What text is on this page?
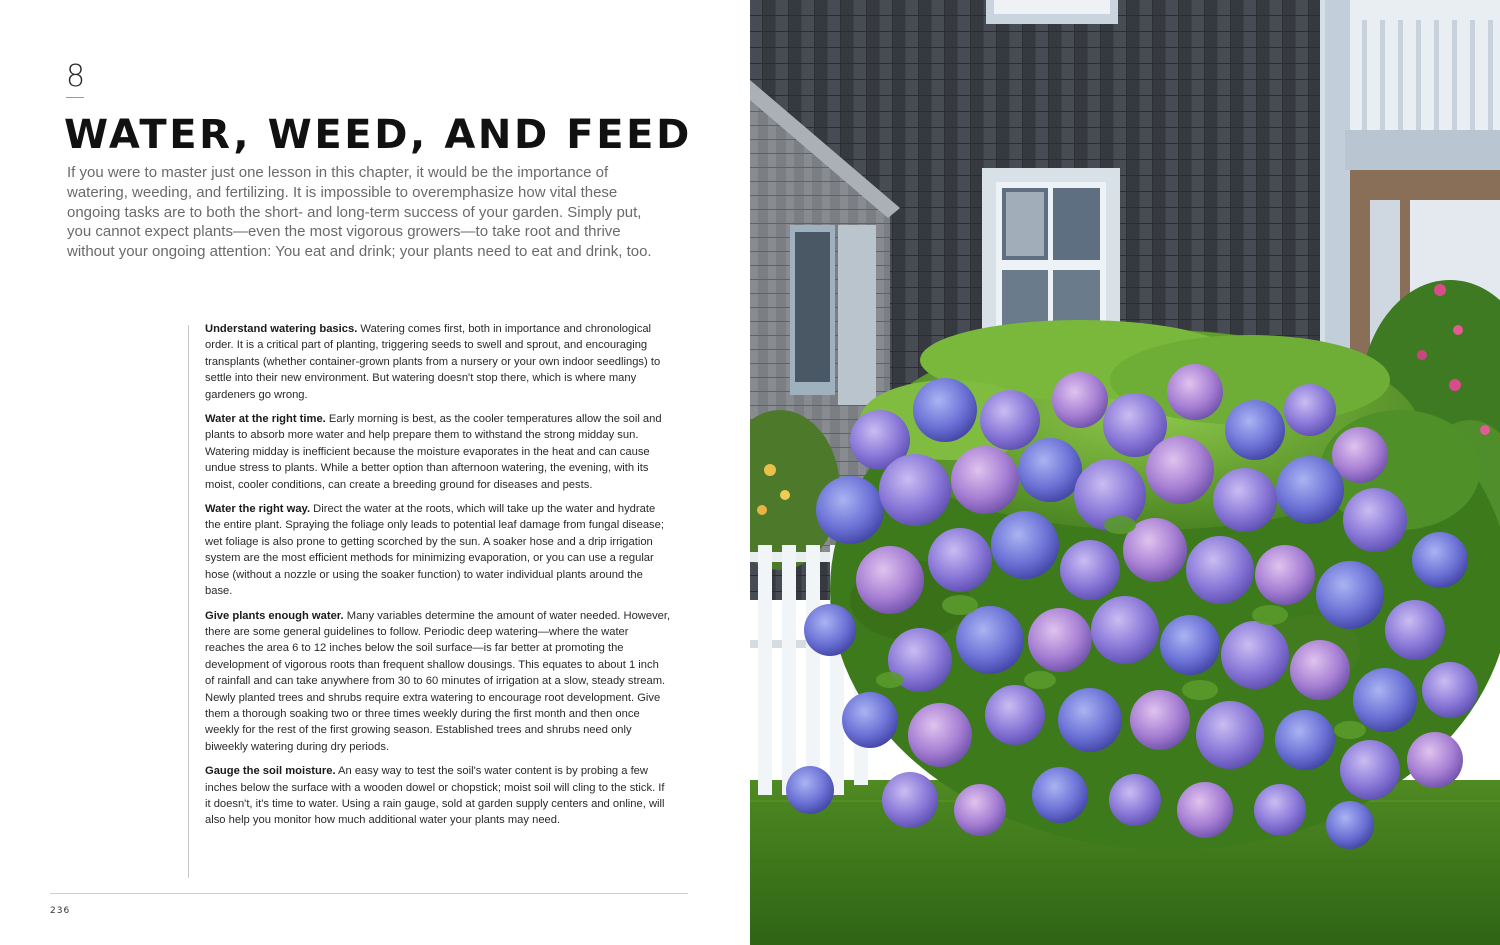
8
WATER, WEED, AND FEED

If you were to master just one lesson in this chapter, it would be the importance of watering, weeding, and fertilizing. It is impossible to overemphasize how vital these ongoing tasks are to both the short- and long-term success of your garden. Simply put, you cannot expect plants—even the most vigorous growers—to take root and thrive without your ongoing attention: You eat and drink; your plants need to eat and drink, too.

Understand watering basics. Watering comes first, both in importance and chronological order. It is a critical part of planting, triggering seeds to swell and sprout, and encouraging transplants (whether container-grown plants from a nursery or your own indoor seedlings) to settle into their new environment. But watering doesn't stop there, which is where many gardeners go wrong.

Water at the right time. Early morning is best, as the cooler temperatures allow the soil and plants to absorb more water and help prepare them to withstand the strong midday sun. Watering midday is inefficient because the moisture evaporates in the heat and can cause undue stress to plants. While a better option than afternoon watering, the evening, with its moist, cooler conditions, can create a breeding ground for diseases and pests.

Water the right way. Direct the water at the roots, which will take up the water and hydrate the entire plant. Spraying the foliage only leads to potential leaf damage from fungal disease; wet foliage is also prone to getting scorched by the sun. A soaker hose and a drip irrigation system are the most efficient methods for minimizing evaporation, or you can use a regular hose (without a nozzle or using the soaker function) to water individual plants around the base.

Give plants enough water. Many variables determine the amount of water needed. However, there are some general guidelines to follow. Periodic deep watering—where the water reaches the area 6 to 12 inches below the soil surface—is far better at promoting the development of vigorous roots than frequent shallow dousings. This equates to about 1 inch of rainfall and can take anywhere from 30 to 60 minutes of irrigation at a slow, steady stream. Newly planted trees and shrubs require extra watering to encourage root development. Give them a thorough soaking two or three times weekly during the first month and then once weekly for the rest of the first growing season. Established trees and shrubs need only biweekly watering during dry periods.

Gauge the soil moisture. An easy way to test the soil's water content is by probing a few inches below the surface with a wooden dowel or chopstick; moist soil will cling to the stick. If it doesn't, it's time to water. Using a rain gauge, sold at garden supply centers and online, will also help you monitor how much additional water your plants may need.

236
